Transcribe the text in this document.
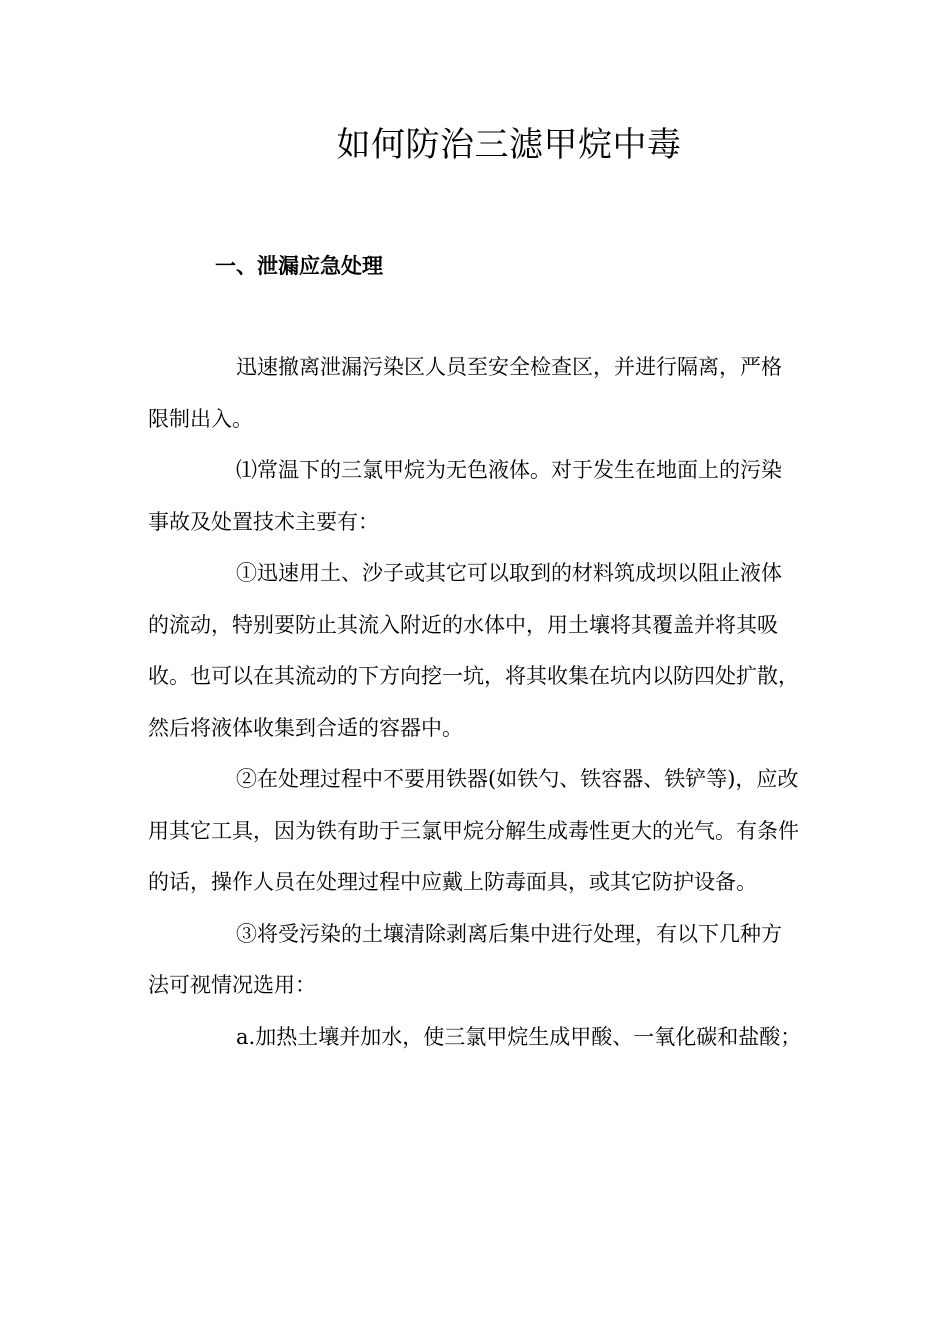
如何防治三滤甲烷中毒
一、泄漏应急处理

迅速撤离泄漏污染区人员至安全检查区，并进行隔离，严格限制出入。

⑴常温下的三氯甲烷为无色液体。对于发生在地面上的污染事故及处置技术主要有：

①迅速用土、沙子或其它可以取到的材料筑成坝以阻止液体的流动，特别要防止其流入附近的水体中，用土壤将其覆盖并将其吸收。也可以在其流动的下方向挖一坑，将其收集在坑内以防四处扩散，然后将液体收集到合适的容器中。

②在处理过程中不要用铁器(如铁勺、铁容器、铁铲等)，应改用其它工具，因为铁有助于三氯甲烷分解生成毒性更大的光气。有条件的话，操作人员在处理过程中应戴上防毒面具，或其它防护设备。

③将受污染的土壤清除剥离后集中进行处理，有以下几种方法可视情况选用：

a.加热土壤并加水，使三氯甲烷生成甲酸、一氧化碳和盐酸；
